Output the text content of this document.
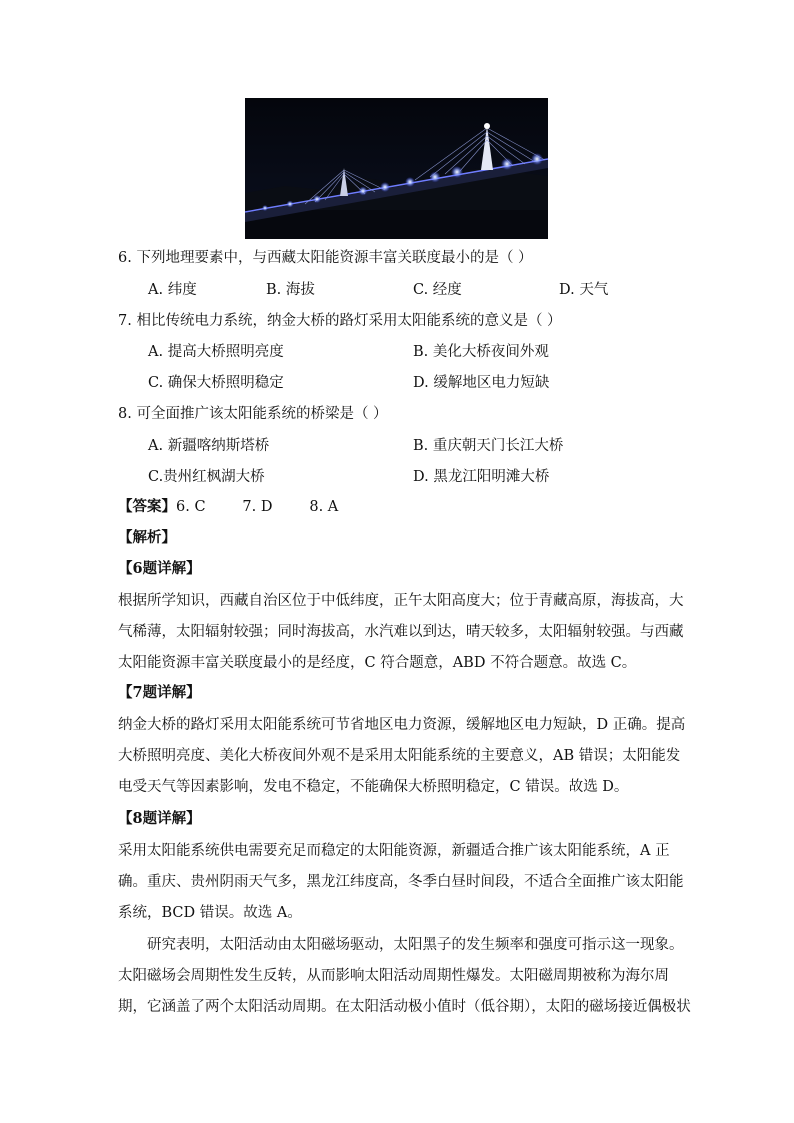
6. 下列地理要素中，与西藏太阳能资源丰富关联度最小的是（ ）
A. 纬度	B. 海拔	C. 经度	D. 天气
7. 相比传统电力系统，纳金大桥的路灯采用太阳能系统的意义是（ ）
A. 提高大桥照明亮度	B. 美化大桥夜间外观
C. 确保大桥照明稳定	D. 缓解地区电力短缺
8. 可全面推广该太阳能系统的桥梁是（ ）
A. 新疆喀纳斯塔桥	B. 重庆朝天门长江大桥
C.贵州红枫湖大桥	D. 黑龙江阳明滩大桥
【答案】6. C        7. D        8. A
【解析】
【6题详解】
根据所学知识，西藏自治区位于中低纬度，正午太阳高度大；位于青藏高原，海拔高，大
气稀薄，太阳辐射较强；同时海拔高，水汽难以到达，晴天较多，太阳辐射较强。与西藏
太阳能资源丰富关联度最小的是经度，C 符合题意，ABD 不符合题意。故选 C。
【7题详解】
纳金大桥的路灯采用太阳能系统可节省地区电力资源，缓解地区电力短缺，D 正确。提高
大桥照明亮度、美化大桥夜间外观不是采用太阳能系统的主要意义，AB 错误；太阳能发
电受天气等因素影响，发电不稳定，不能确保大桥照明稳定，C 错误。故选 D。
【8题详解】
采用太阳能系统供电需要充足而稳定的太阳能资源，新疆适合推广该太阳能系统，A 正
确。重庆、贵州阴雨天气多，黑龙江纬度高，冬季白昼时间段，不适合全面推广该太阳能
系统，BCD 错误。故选 A。
研究表明，太阳活动由太阳磁场驱动，太阳黑子的发生频率和强度可指示这一现象。
太阳磁场会周期性发生反转，从而影响太阳活动周期性爆发。太阳磁周期被称为海尔周
期，它涵盖了两个太阳活动周期。在太阳活动极小值时（低谷期），太阳的磁场接近偶极状
